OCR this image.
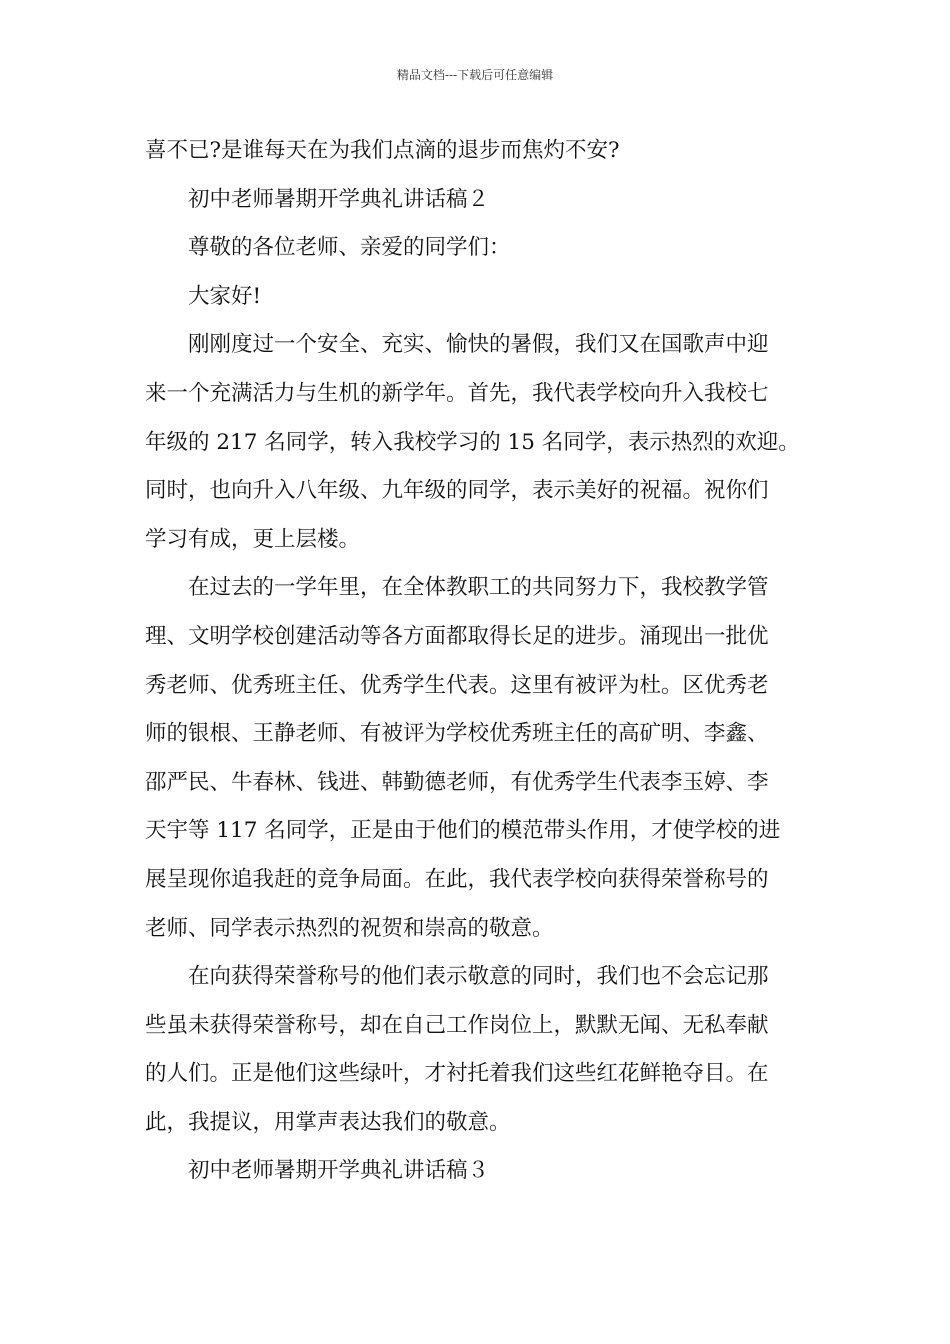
精品文档---下载后可任意编辑
喜不已?是谁每天在为我们点滴的退步而焦灼不安?
初中老师暑期开学典礼讲话稿２
尊敬的各位老师、亲爱的同学们：
大家好!
刚刚度过一个安全、充实、愉快的暑假，我们又在国歌声中迎
来一个充满活力与生机的新学年。首先，我代表学校向升入我校七
年级的 217 名同学，转入我校学习的 15 名同学，表示热烈的欢迎。
同时，也向升入八年级、九年级的同学，表示美好的祝福。祝你们
学习有成，更上层楼。
在过去的一学年里，在全体教职工的共同努力下，我校教学管
理、文明学校创建活动等各方面都取得长足的进步。涌现出一批优
秀老师、优秀班主任、优秀学生代表。这里有被评为杜。区优秀老
师的银根、王静老师、有被评为学校优秀班主任的高矿明、李鑫、
邵严民、牛春林、钱进、韩勤德老师，有优秀学生代表李玉婷、李
天宇等 117 名同学，正是由于他们的模范带头作用，才使学校的进
展呈现你追我赶的竞争局面。在此，我代表学校向获得荣誉称号的
老师、同学表示热烈的祝贺和崇高的敬意。
在向获得荣誉称号的他们表示敬意的同时，我们也不会忘记那
些虽未获得荣誉称号，却在自己工作岗位上，默默无闻、无私奉献
的人们。正是他们这些绿叶，才衬托着我们这些红花鲜艳夺目。在
此，我提议，用掌声表达我们的敬意。
初中老师暑期开学典礼讲话稿３
